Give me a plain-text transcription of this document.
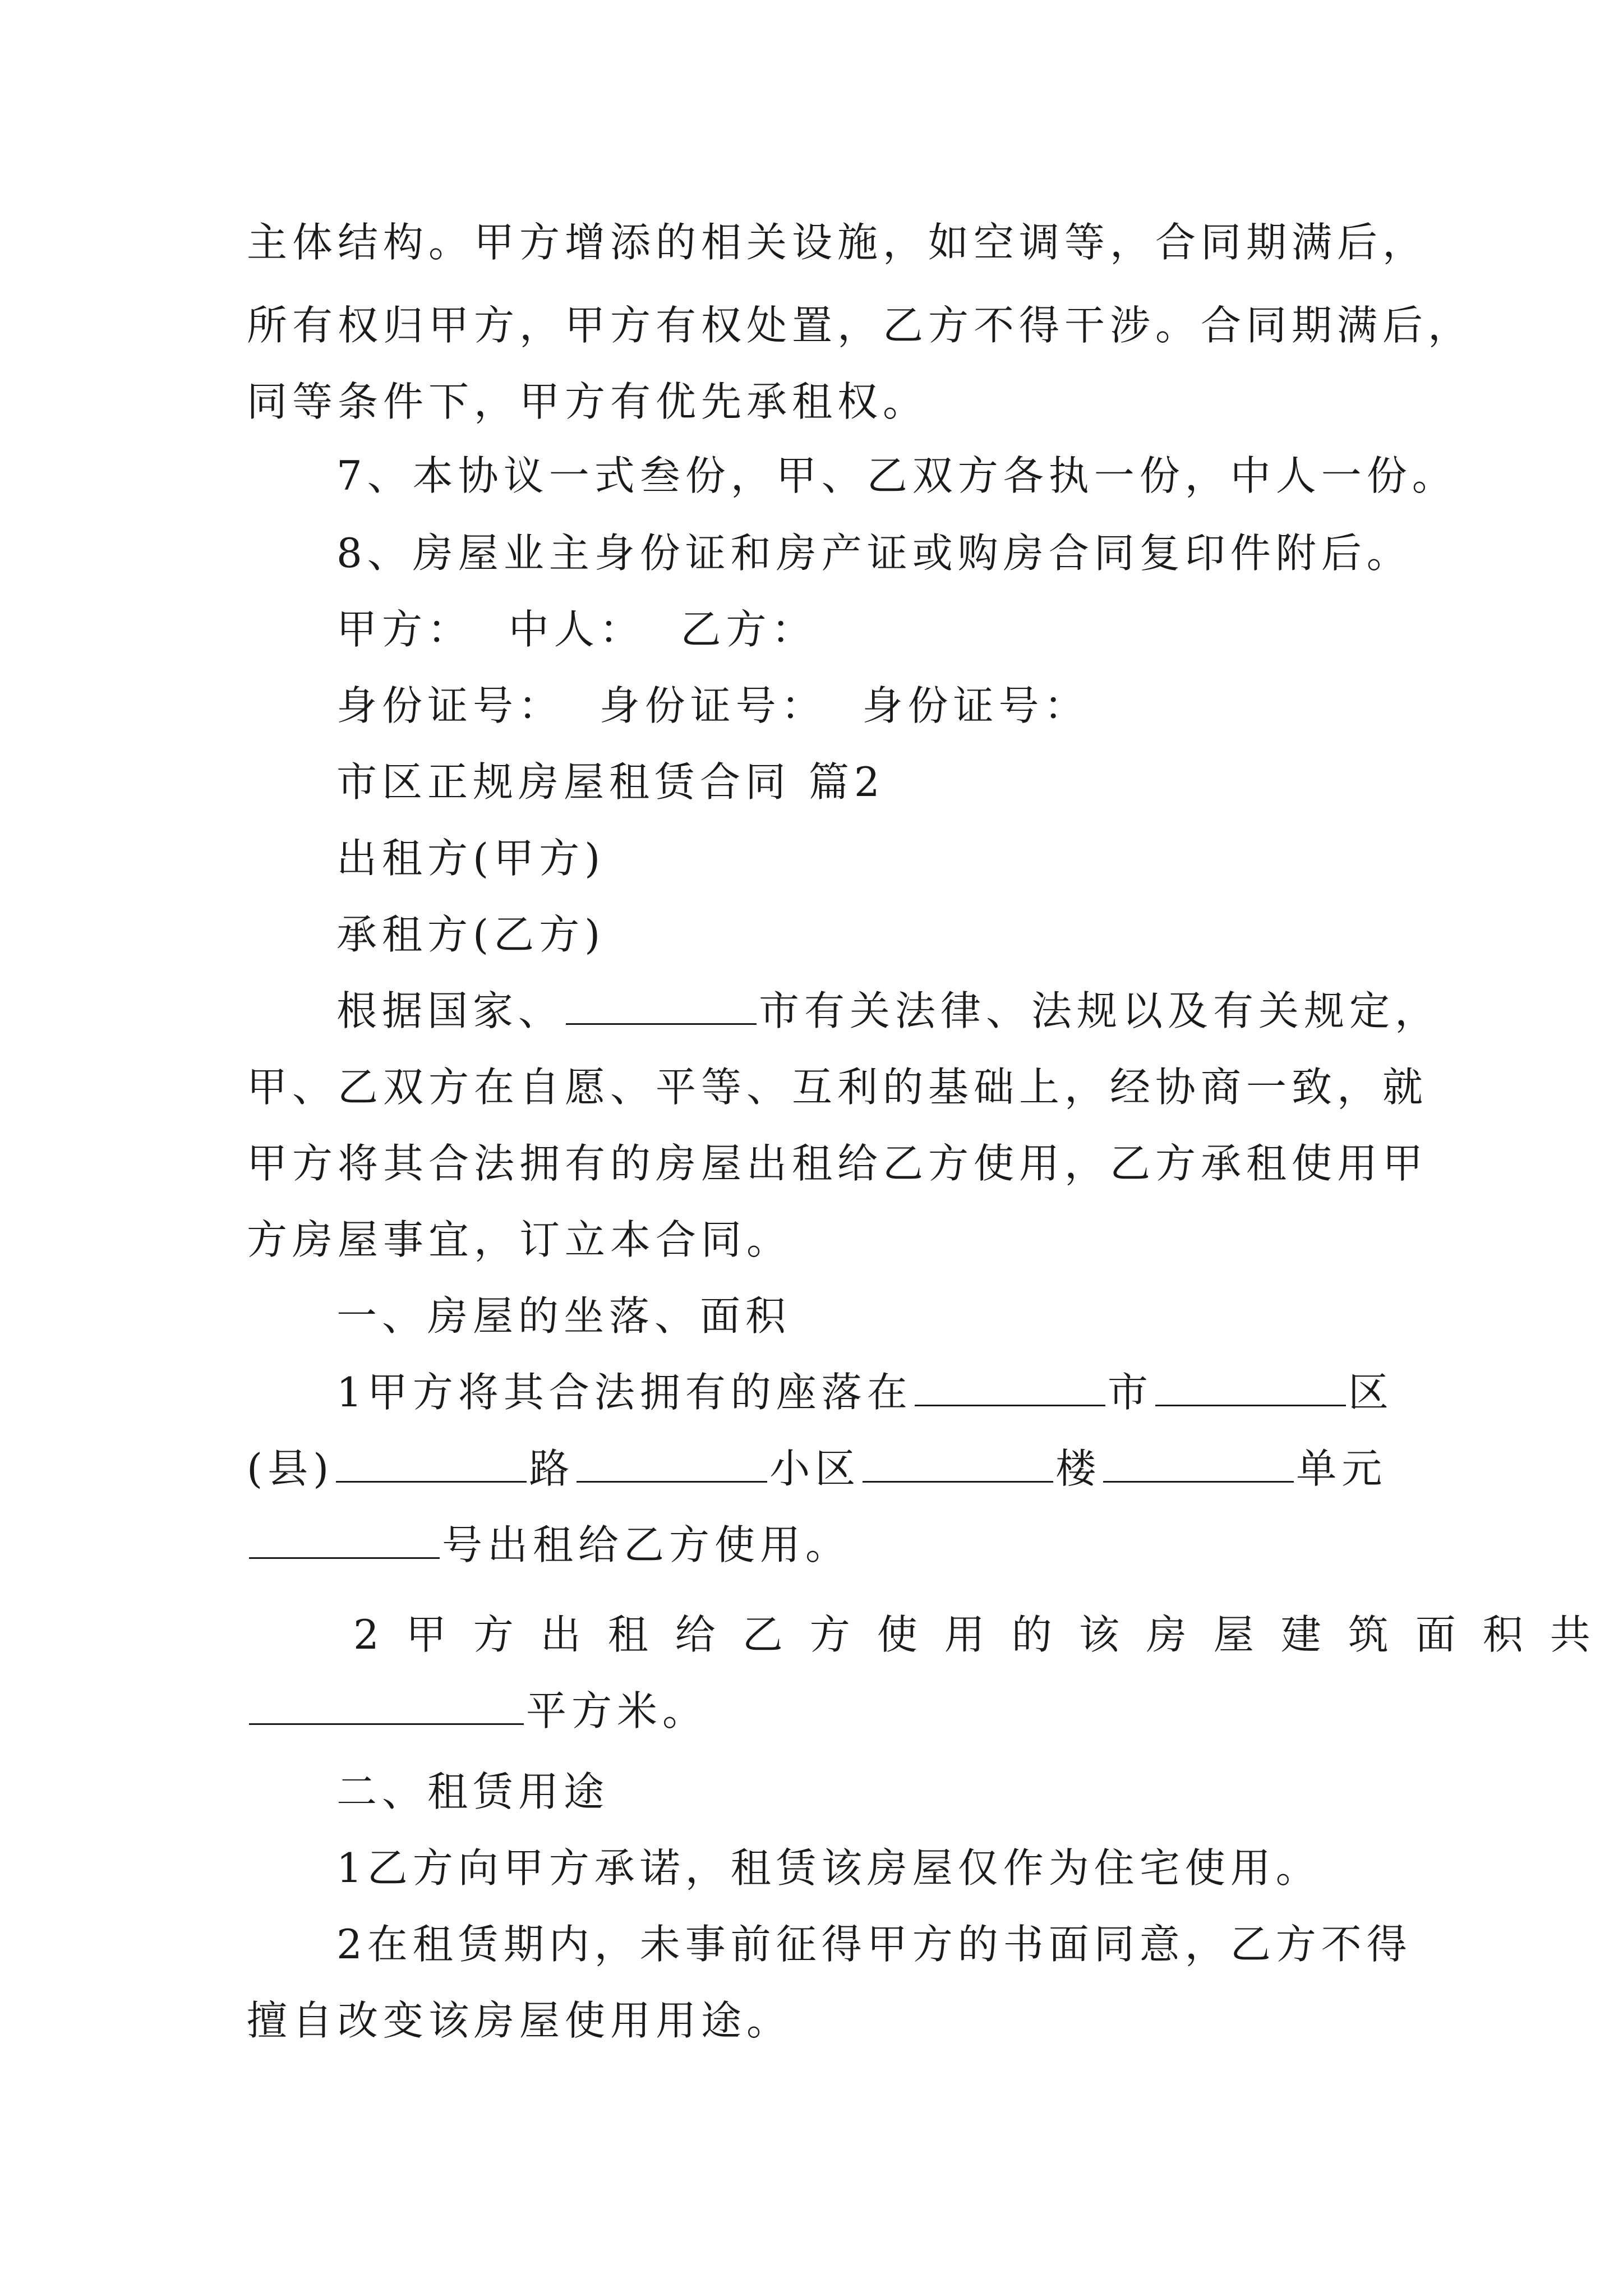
主体结构。甲方增添的相关设施，如空调等，合同期满后，
所有权归甲方，甲方有权处置，乙方不得干涉。合同期满后，
同等条件下，甲方有优先承租权。
7、本协议一式叁份，甲、乙双方各执一份，中人一份。
8、房屋业主身份证和房产证或购房合同复印件附后。
甲方：  中人：  乙方：
身份证号：  身份证号：  身份证号：
市区正规房屋租赁合同 篇2
出租方(甲方)
承租方(乙方)
根据国家、	市有关法律、法规以及有关规定，
甲、乙双方在自愿、平等、互利的基础上，经协商一致，就
甲方将其合法拥有的房屋出租给乙方使用，乙方承租使用甲
方房屋事宜，订立本合同。
一、房屋的坐落、面积
1甲方将其合法拥有的座落在	市	区
(县)	路	小区	楼	单元
号出租给乙方使用。
2甲方出租给乙方使用的该房屋建筑面积共
平方米。
二、租赁用途
1乙方向甲方承诺，租赁该房屋仅作为住宅使用。
2在租赁期内，未事前征得甲方的书面同意，乙方不得
擅自改变该房屋使用用途。
